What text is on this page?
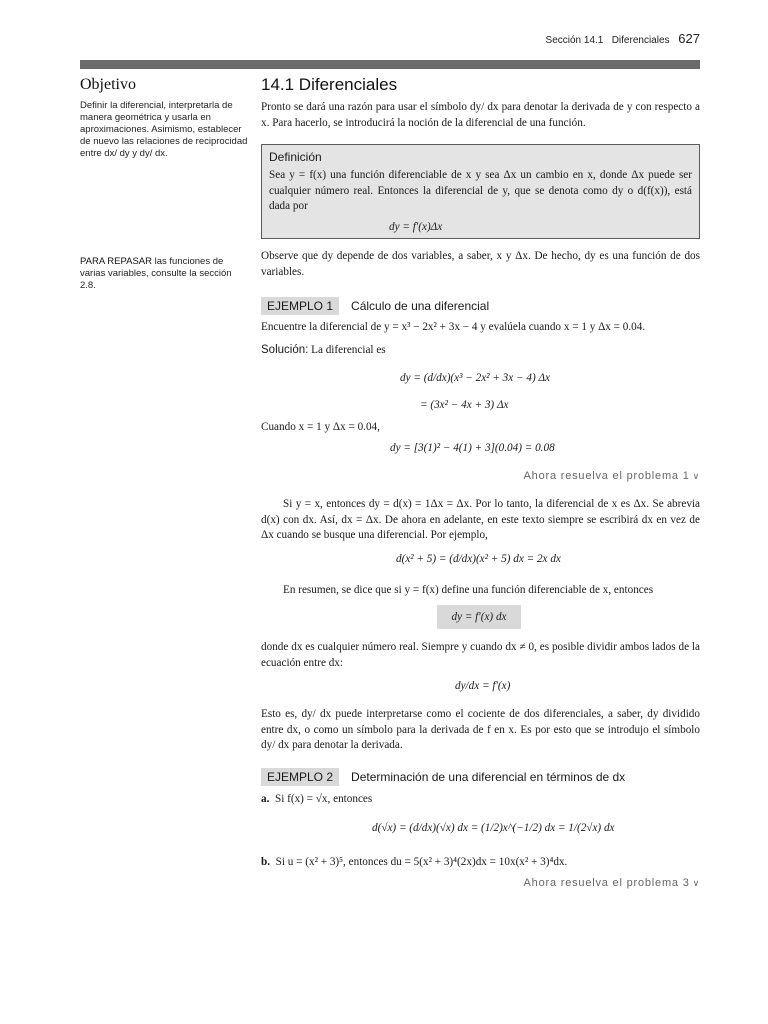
Sección 14.1 Diferenciales 627
Objetivo
Definir la diferencial, interpretarla de manera geométrica y usarla en aproximaciones. Asimismo, establecer de nuevo las relaciones de reciprocidad entre dx/ dy y dy/ dx.
PARA REPASAR las funciones de varias variables, consulte la sección 2.8.
14.1 Diferenciales
Pronto se dará una razón para usar el símbolo dy/ dx para denotar la derivada de y con respecto a x. Para hacerlo, se introducirá la noción de la diferencial de una función.
Definición
Sea y = f(x) una función diferenciable de x y sea Δx un cambio en x, donde Δx puede ser cualquier número real. Entonces la diferencial de y, que se denota como dy o d(f(x)), está dada por
dy = f′(x)Δx
Observe que dy depende de dos variables, a saber, x y Δx. De hecho, dy es una función de dos variables.
EJEMPLO 1 Cálculo de una diferencial
Encuentre la diferencial de y = x³ − 2x² + 3x − 4 y evalúela cuando x = 1 y Δx = 0.04.
Solución: La diferencial es
dy = (d/dx)(x³ − 2x² + 3x − 4) Δx
= (3x² − 4x + 3) Δx
Cuando x = 1 y Δx = 0.04,
dy = [3(1)² − 4(1) + 3](0.04) = 0.08
Ahora resuelva el problema 1 ∨
Si y = x, entonces dy = d(x) = 1Δx = Δx. Por lo tanto, la diferencial de x es Δx. Se abrevia d(x) con dx. Así, dx = Δx. De ahora en adelante, en este texto siempre se escribirá dx en vez de Δx cuando se busque una diferencial. Por ejemplo,
d(x² + 5) = (d/dx)(x² + 5) dx = 2x dx
En resumen, se dice que si y = f(x) define una función diferenciable de x, entonces
dy = f′(x) dx
donde dx es cualquier número real. Siempre y cuando dx ≠ 0, es posible dividir ambos lados de la ecuación entre dx:
dy/dx = f′(x)
Esto es, dy/ dx puede interpretarse como el cociente de dos diferenciales, a saber, dy dividido entre dx, o como un símbolo para la derivada de f en x. Es por esto que se introdujo el símbolo dy/ dx para denotar la derivada.
EJEMPLO 2 Determinación de una diferencial en términos de dx
a. Si f(x) = √x, entonces
d(√x) = (d/dx)(√x) dx = (1/2)x^(−1/2) dx = 1/(2√x) dx
b. Si u = (x² + 3)⁵, entonces du = 5(x² + 3)⁴(2x)dx = 10x(x² + 3)⁴dx.
Ahora resuelva el problema 3 ∨
